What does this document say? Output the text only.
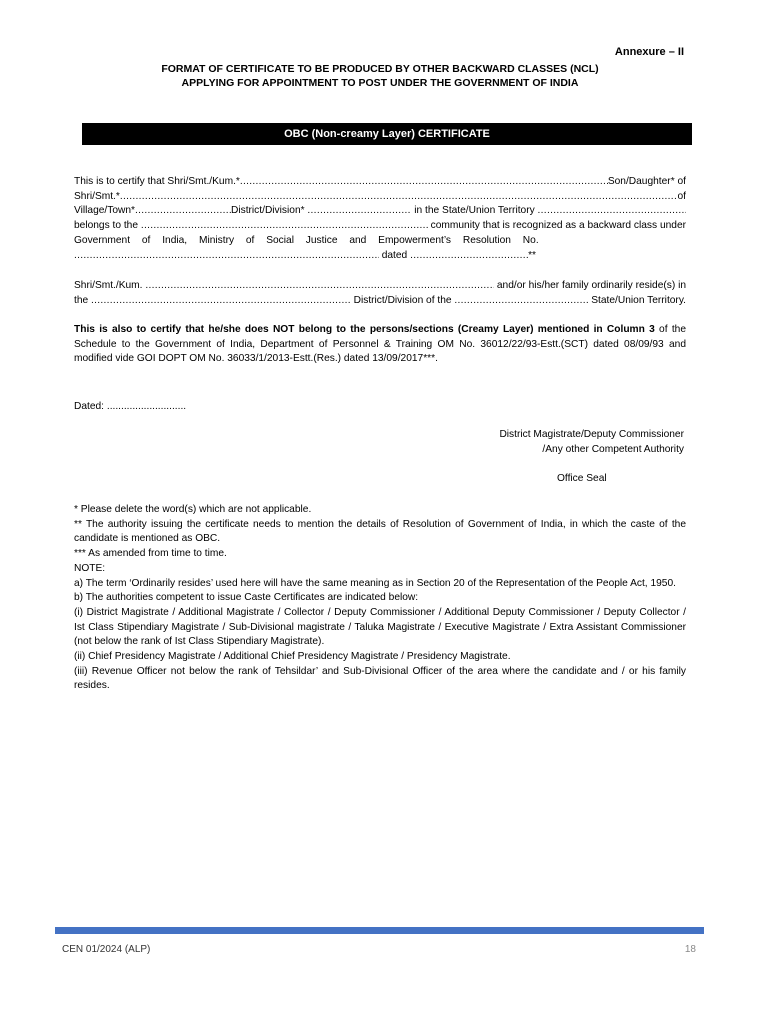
Annexure – II
FORMAT OF CERTIFICATE TO BE PRODUCED BY OTHER BACKWARD CLASSES (NCL)
APPLYING FOR APPOINTMENT TO POST UNDER THE GOVERNMENT OF INDIA
OBC (Non-creamy Layer) CERTIFICATE
This is to certify that Shri/Smt./Kum.* .....	Son/Daughter* of
Shri/Smt.* .....	of
Village/Town* .....	District/Division*
.....
	in the State/Union Territory

.....
belongs to the
.....
	community that is recognized as a backward class under
Government of India, Ministry of Social Justice and Empowerment’s Resolution No.
.....

dated
.....	**
Shri/Smt./Kum.
.....
	and/or his/her family ordinarily reside(s) in
the
.....
	District/Division of the
.....
	State/Union Territory.
This is also to certify that he/she does NOT belong to the persons/sections (Creamy Layer) mentioned in Column 3 of the Schedule to the Government of India, Department of Personnel & Training OM No. 36012/22/93-Estt.(SCT) dated 08/09/93 and modified vide GOI DOPT OM No. 36033/1/2013-Estt.(Res.) dated 13/09/2017***.
Dated: ............................
District Magistrate/Deputy Commissioner
/Any other Competent Authority
Office Seal
* Please delete the word(s) which are not applicable.
** The authority issuing the certificate needs to mention the details of Resolution of Government of India, in which the caste of the candidate is mentioned as OBC.
*** As amended from time to time.
NOTE:
a) The term ‘Ordinarily resides’ used here will have the same meaning as in Section 20 of the Representation of the People Act, 1950.
b) The authorities competent to issue Caste Certificates are indicated below:
(i) District Magistrate / Additional Magistrate / Collector / Deputy Commissioner / Additional Deputy Commissioner / Deputy Collector / Ist Class Stipendiary Magistrate / Sub-Divisional magistrate / Taluka Magistrate / Executive Magistrate / Extra Assistant Commissioner (not below the rank of Ist Class Stipendiary Magistrate).
(ii) Chief Presidency Magistrate / Additional Chief Presidency Magistrate / Presidency Magistrate.
(iii) Revenue Officer not below the rank of Tehsildar’ and Sub-Divisional Officer of the area where the candidate and / or his family resides.
CEN 01/2024 (ALP)	18
